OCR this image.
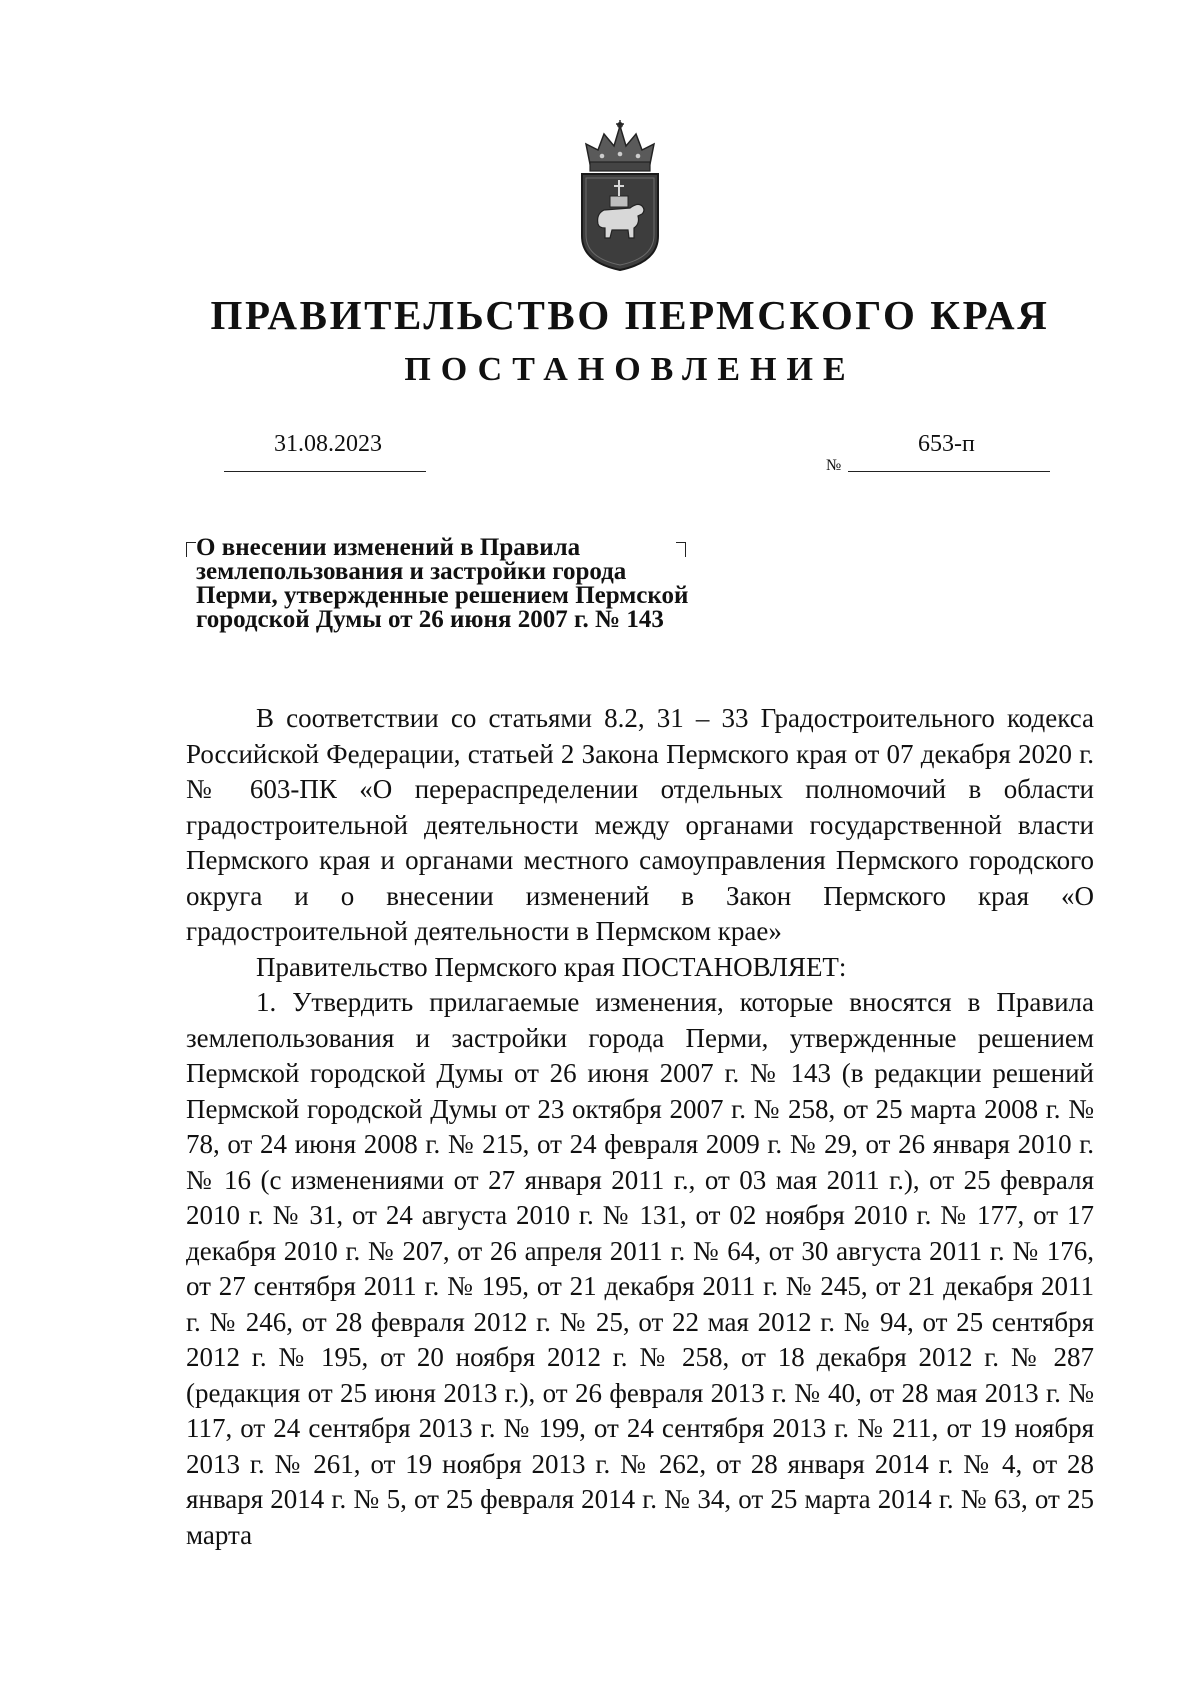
ПРАВИТЕЛЬСТВО ПЕРМСКОГО КРАЯ
ПОСТАНОВЛЕНИЕ
31.08.2023
№
653-п
О внесении изменений в Правила
землепользования и застройки города
Перми, утвержденные решением Пермской
городской Думы от 26 июня 2007 г. № 143

В соответствии со статьями 8.2, 31 – 33 Градостроительного кодекса Российской Федерации, статьей 2 Закона Пермского края от 07 декабря 2020 г. № 603-ПК «О перераспределении отдельных полномочий в области градостроительной деятельности между органами государственной власти Пермского края и органами местного самоуправления Пермского городского округа и о внесении изменений в Закон Пермского края «О градостроительной деятельности в Пермском крае»

Правительство Пермского края ПОСТАНОВЛЯЕТ:

1. Утвердить прилагаемые изменения, которые вносятся в Правила землепользования и застройки города Перми, утвержденные решением Пермской городской Думы от 26 июня 2007 г. № 143 (в редакции решений Пермской городской Думы от 23 октября 2007 г. № 258, от 25 марта 2008 г. № 78, от 24 июня 2008 г. № 215, от 24 февраля 2009 г. № 29, от 26 января 2010 г. № 16 (с изменениями от 27 января 2011 г., от 03 мая 2011 г.), от 25 февраля 2010 г. № 31, от 24 августа 2010 г. № 131, от 02 ноября 2010 г. № 177, от 17 декабря 2010 г. № 207, от 26 апреля 2011 г. № 64, от 30 августа 2011 г. № 176, от 27 сентября 2011 г. № 195, от 21 декабря 2011 г. № 245, от 21 декабря 2011 г. № 246, от 28 февраля 2012 г. № 25, от 22 мая 2012 г. № 94, от 25 сентября 2012 г. № 195, от 20 ноября 2012 г. № 258, от 18 декабря 2012 г. № 287 (редакция от 25 июня 2013 г.), от 26 февраля 2013 г. № 40, от 28 мая 2013 г. № 117, от 24 сентября 2013 г. № 199, от 24 сентября 2013 г. № 211, от 19 ноября 2013 г. № 261, от 19 ноября 2013 г. № 262, от 28 января 2014 г. № 4, от 28 января 2014 г. № 5, от 25 февраля 2014 г. № 34, от 25 марта 2014 г. № 63, от 25 марта
